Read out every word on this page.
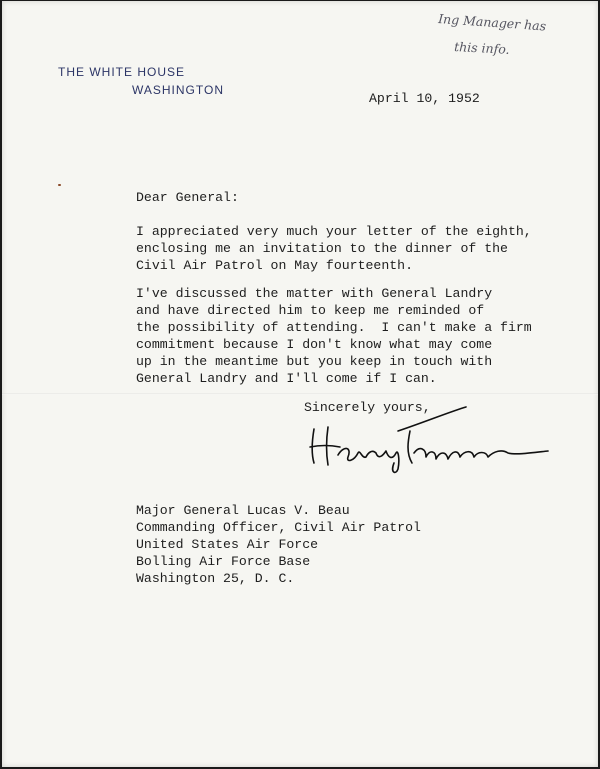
Ing Manager has
this info.
THE WHITE HOUSE
WASHINGTON
April 10, 1952
Dear General:
I appreciated very much your letter of the eighth,
enclosing me an invitation to the dinner of the
Civil Air Patrol on May fourteenth.
I've discussed the matter with General Landry
and have directed him to keep me reminded of
the possibility of attending.  I can't make a firm
commitment because I don't know what may come
up in the meantime but you keep in touch with
General Landry and I'll come if I can.
Sincerely yours,
Major General Lucas V. Beau
Commanding Officer, Civil Air Patrol
United States Air Force
Bolling Air Force Base
Washington 25, D. C.
